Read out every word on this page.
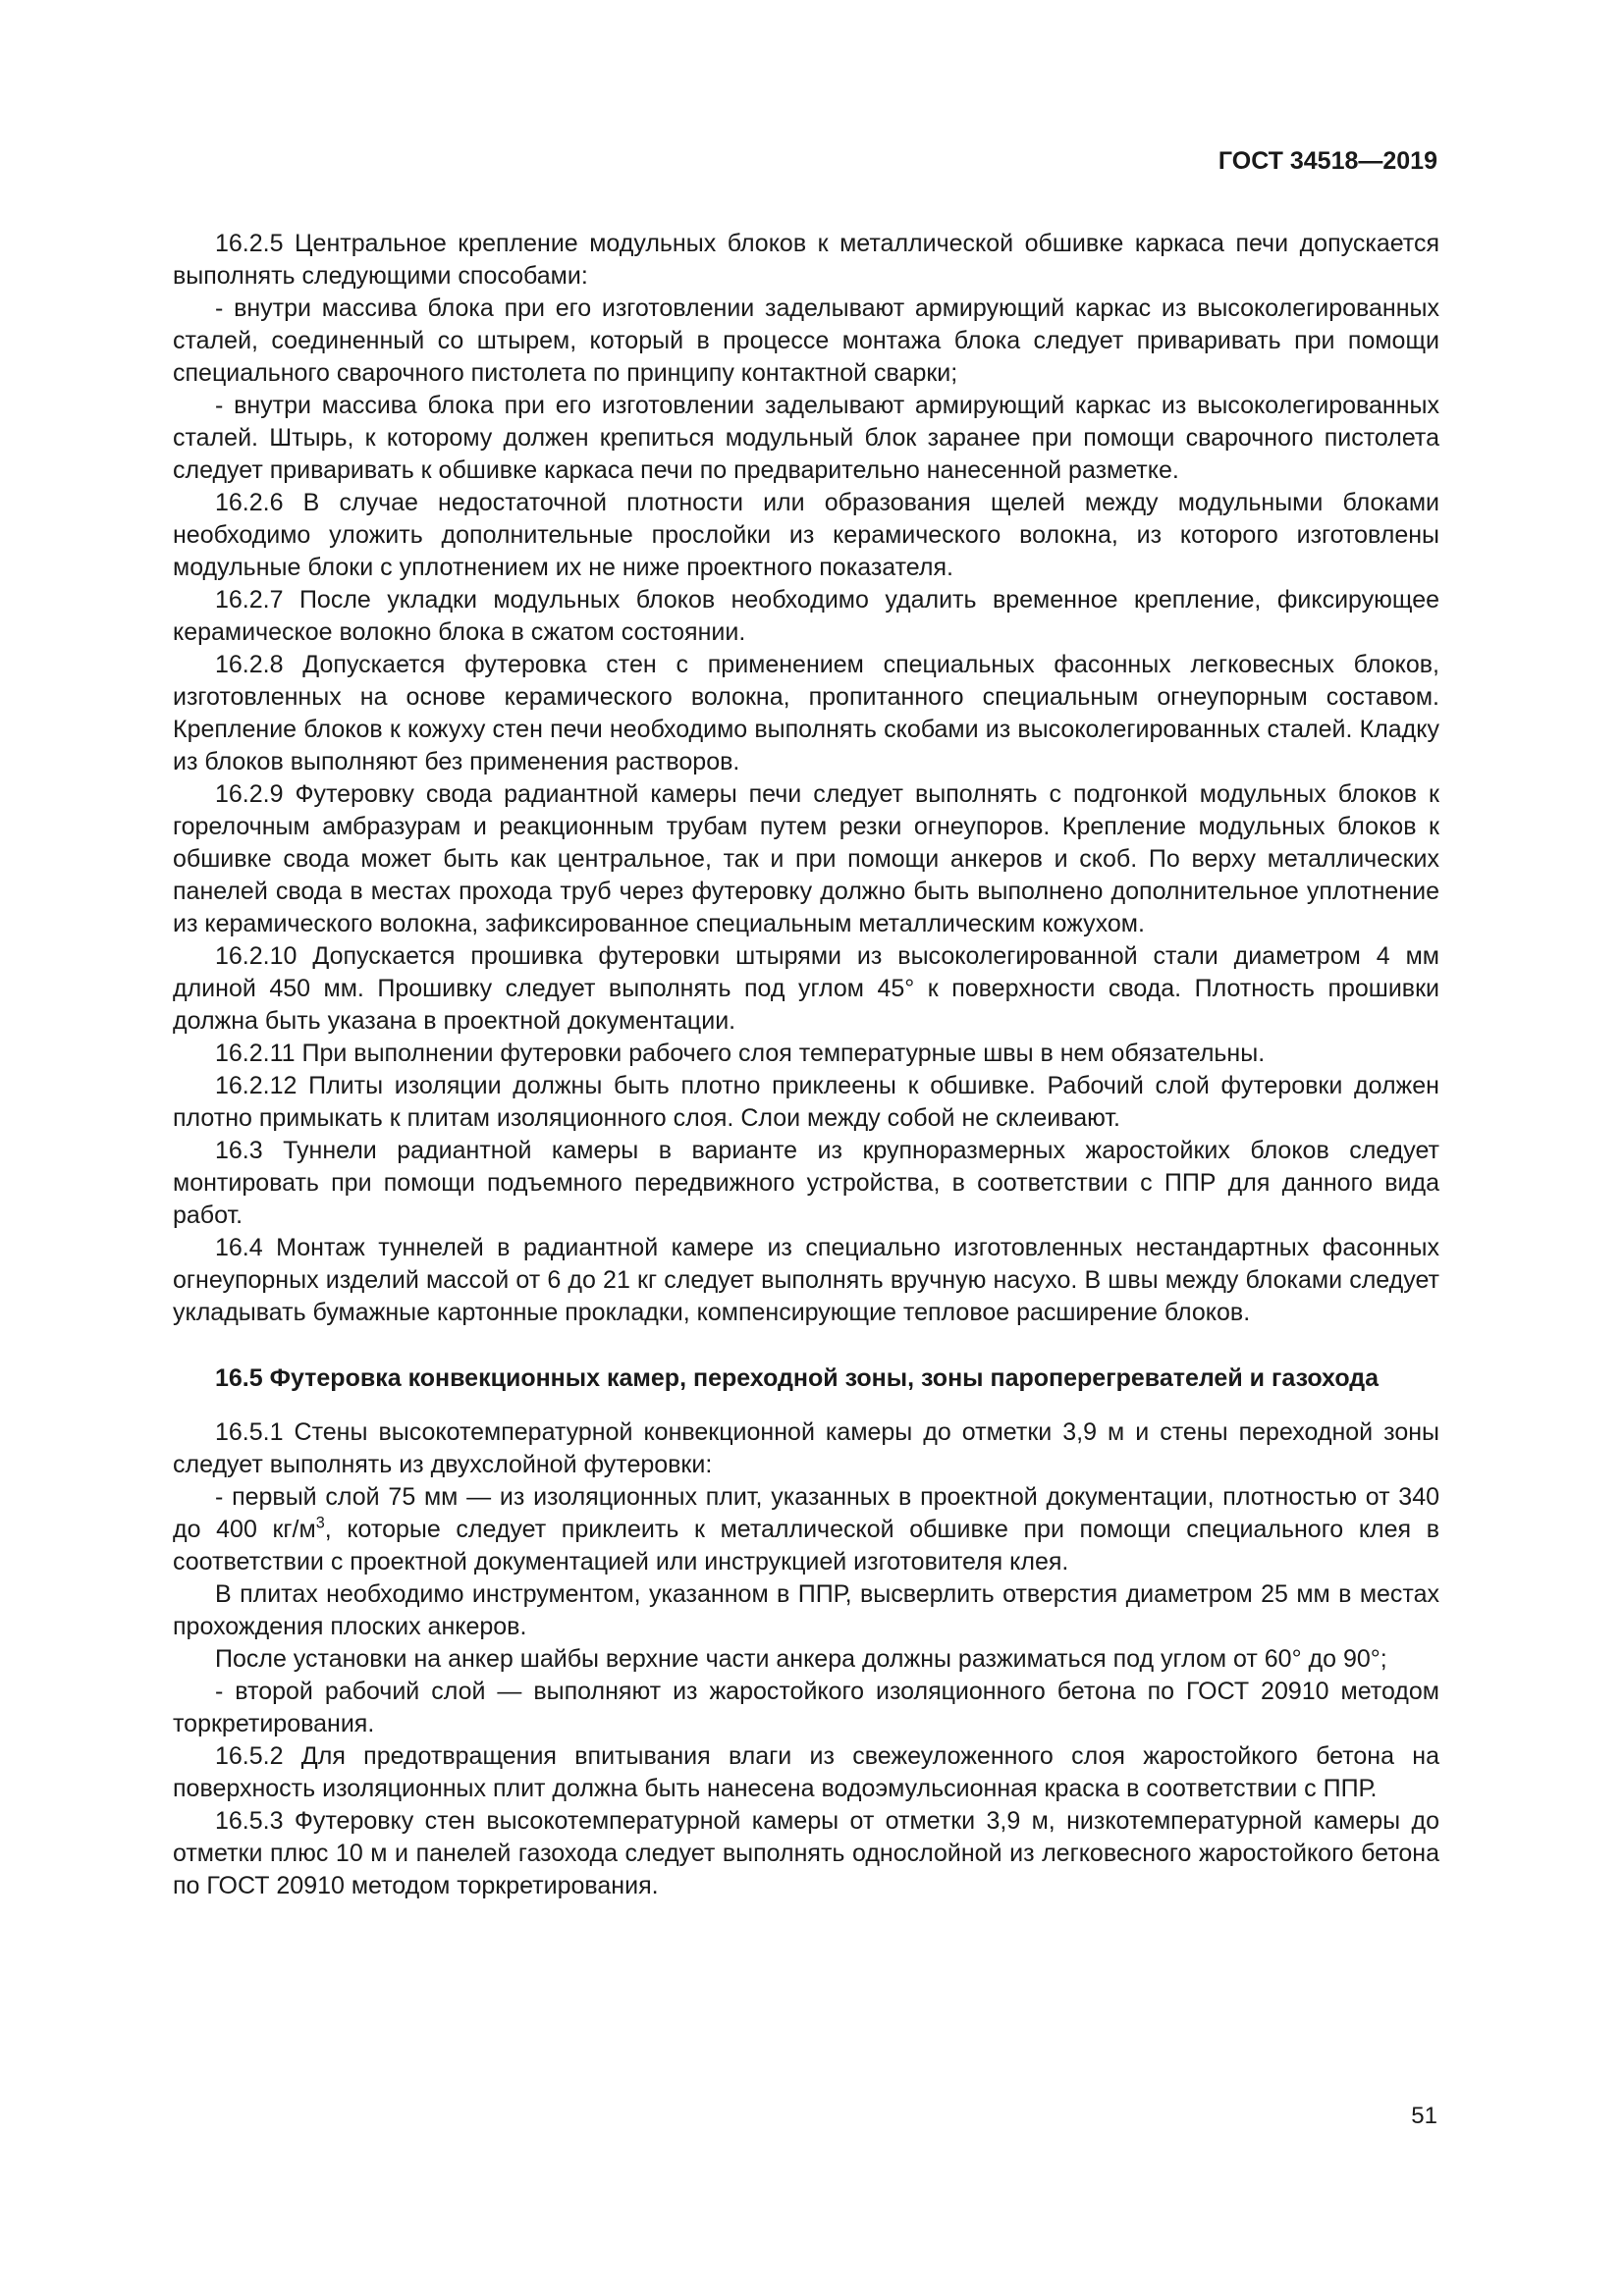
ГОСТ 34518—2019

16.2.5 Центральное крепление модульных блоков к металлической обшивке каркаса печи допускается выполнять следующими способами:

- внутри массива блока при его изготовлении заделывают армирующий каркас из высоколегированных сталей, соединенный со штырем, который в процессе монтажа блока следует приваривать при помощи специального сварочного пистолета по принципу контактной сварки;

- внутри массива блока при его изготовлении заделывают армирующий каркас из высоколегированных сталей. Штырь, к которому должен крепиться модульный блок заранее при помощи сварочного пистолета следует приваривать к обшивке каркаса печи по предварительно нанесенной разметке.

16.2.6 В случае недостаточной плотности или образования щелей между модульными блоками необходимо уложить дополнительные прослойки из керамического волокна, из которого изготовлены модульные блоки с уплотнением их не ниже проектного показателя.

16.2.7 После укладки модульных блоков необходимо удалить временное крепление, фиксирующее керамическое волокно блока в сжатом состоянии.

16.2.8 Допускается футеровка стен с применением специальных фасонных легковесных блоков, изготовленных на основе керамического волокна, пропитанного специальным огнеупорным составом. Крепление блоков к кожуху стен печи необходимо выполнять скобами из высоколегированных сталей. Кладку из блоков выполняют без применения растворов.

16.2.9 Футеровку свода радиантной камеры печи следует выполнять с подгонкой модульных блоков к горелочным амбразурам и реакционным трубам путем резки огнеупоров. Крепление модульных блоков к обшивке свода может быть как центральное, так и при помощи анкеров и скоб. По верху металлических панелей свода в местах прохода труб через футеровку должно быть выполнено дополнительное уплотнение из керамического волокна, зафиксированное специальным металлическим кожухом.

16.2.10 Допускается прошивка футеровки штырями из высоколегированной стали диаметром 4 мм длиной 450 мм. Прошивку следует выполнять под углом 45° к поверхности свода. Плотность прошивки должна быть указана в проектной документации.

16.2.11 При выполнении футеровки рабочего слоя температурные швы в нем обязательны.

16.2.12 Плиты изоляции должны быть плотно приклеены к обшивке. Рабочий слой футеровки должен плотно примыкать к плитам изоляционного слоя. Слои между собой не склеивают.

16.3 Туннели радиантной камеры в варианте из крупноразмерных жаростойких блоков следует монтировать при помощи подъемного передвижного устройства, в соответствии с ППР для данного вида работ.

16.4 Монтаж туннелей в радиантной камере из специально изготовленных нестандартных фасонных огнеупорных изделий массой от 6 до 21 кг следует выполнять вручную насухо. В швы между блоками следует укладывать бумажные картонные прокладки, компенсирующие тепловое расширение блоков.

16.5 Футеровка конвекционных камер, переходной зоны, зоны пароперегревателей и газохода

16.5.1 Стены высокотемпературной конвекционной камеры до отметки 3,9 м и стены переходной зоны следует выполнять из двухслойной футеровки:

- первый слой 75 мм — из изоляционных плит, указанных в проектной документации, плотностью от 340 до 400 $кг/м^3$, которые следует приклеить к металлической обшивке при помощи специального клея в соответствии с проектной документацией или инструкцией изготовителя клея.

В плитах необходимо инструментом, указанном в ППР, высверлить отверстия диаметром 25 мм в местах прохождения плоских анкеров.

После установки на анкер шайбы верхние части анкера должны разжиматься под углом от 60° до 90°;

- второй рабочий слой — выполняют из жаростойкого изоляционного бетона по ГОСТ 20910 методом торкретирования.

16.5.2 Для предотвращения впитывания влаги из свежеуложенного слоя жаростойкого бетона на поверхность изоляционных плит должна быть нанесена водоэмульсионная краска в соответствии с ППР.

16.5.3 Футеровку стен высокотемпературной камеры от отметки 3,9 м, низкотемпературной камеры до отметки плюс 10 м и панелей газохода следует выполнять однослойной из легковесного жаростойкого бетона по ГОСТ 20910 методом торкретирования.

51
